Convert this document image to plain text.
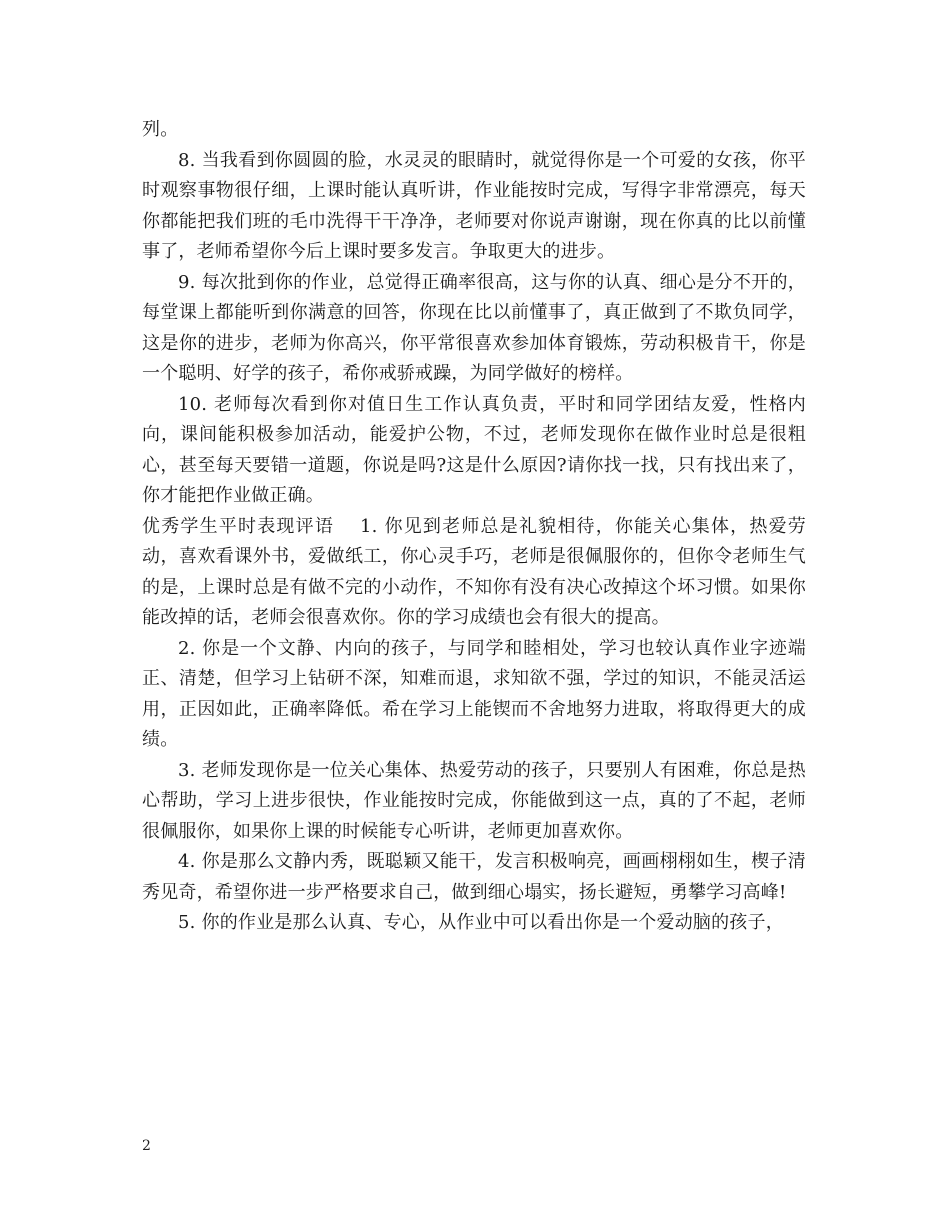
列。

8. 当我看到你圆圆的脸，水灵灵的眼睛时，就觉得你是一个可爱的女孩，你平时观察事物很仔细，上课时能认真听讲，作业能按时完成，写得字非常漂亮，每天你都能把我们班的毛巾洗得干干净净，老师要对你说声谢谢，现在你真的比以前懂事了，老师希望你今后上课时要多发言。争取更大的进步。

9. 每次批到你的作业，总觉得正确率很高，这与你的认真、细心是分不开的，每堂课上都能听到你满意的回答，你现在比以前懂事了，真正做到了不欺负同学，这是你的进步，老师为你高兴，你平常很喜欢参加体育锻炼，劳动积极肯干，你是一个聪明、好学的孩子，希你戒骄戒躁，为同学做好的榜样。

10. 老师每次看到你对值日生工作认真负责，平时和同学团结友爱，性格内向，课间能积极参加活动，能爱护公物，不过，老师发现你在做作业时总是很粗心，甚至每天要错一道题，你说是吗?这是什么原因?请你找一找，只有找出来了，你才能把作业做正确。

优秀学生平时表现评语 1. 你见到老师总是礼貌相待，你能关心集体，热爱劳动，喜欢看课外书，爱做纸工，你心灵手巧，老师是很佩服你的，但你令老师生气的是，上课时总是有做不完的小动作，不知你有没有决心改掉这个坏习惯。如果你能改掉的话，老师会很喜欢你。你的学习成绩也会有很大的提高。

2. 你是一个文静、内向的孩子，与同学和睦相处，学习也较认真作业字迹端正、清楚，但学习上钻研不深，知难而退，求知欲不强，学过的知识，不能灵活运用，正因如此，正确率降低。希在学习上能锲而不舍地努力进取，将取得更大的成绩。

3. 老师发现你是一位关心集体、热爱劳动的孩子，只要别人有困难，你总是热心帮助，学习上进步很快，作业能按时完成，你能做到这一点，真的了不起，老师很佩服你，如果你上课的时候能专心听讲，老师更加喜欢你。

4. 你是那么文静内秀，既聪颖又能干，发言积极响亮，画画栩栩如生，楔子清秀见奇，希望你进一步严格要求自己，做到细心塌实，扬长避短，勇攀学习高峰!

5. 你的作业是那么认真、专心，从作业中可以看出你是一个爱动脑的孩子，

2
